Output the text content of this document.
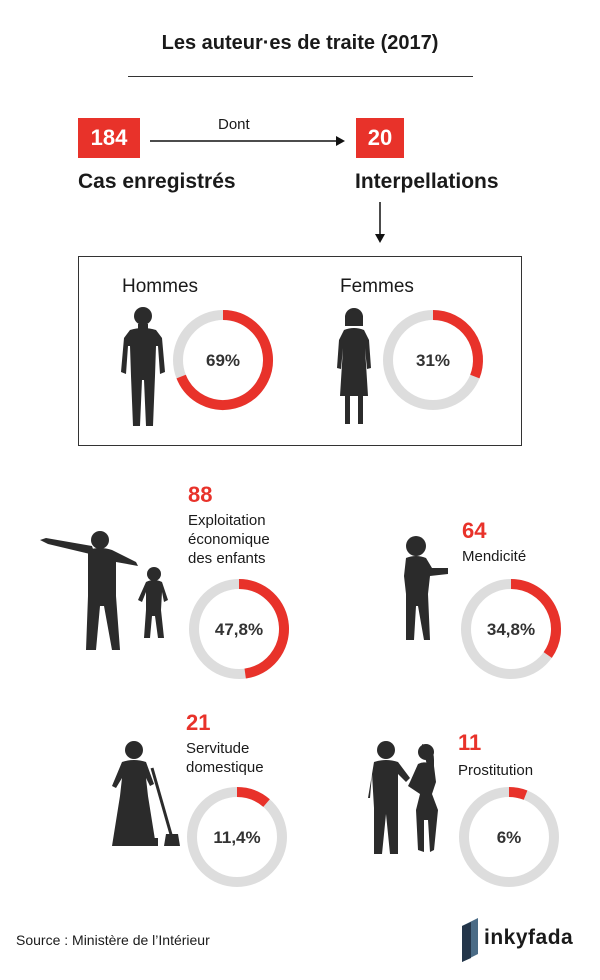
Les auteur·es de traite (2017)
184
Cas enregistrés
Dont
20
Interpellations
Hommes	Femmes
69%	31%
88
Exploitation
économique
des enfants
47,8%
64
Mendicité
34,8%
21
Servitude
domestique
11,4%
11
Prostitution
6%
Source : Ministère de l’Intérieur	inkyfada
